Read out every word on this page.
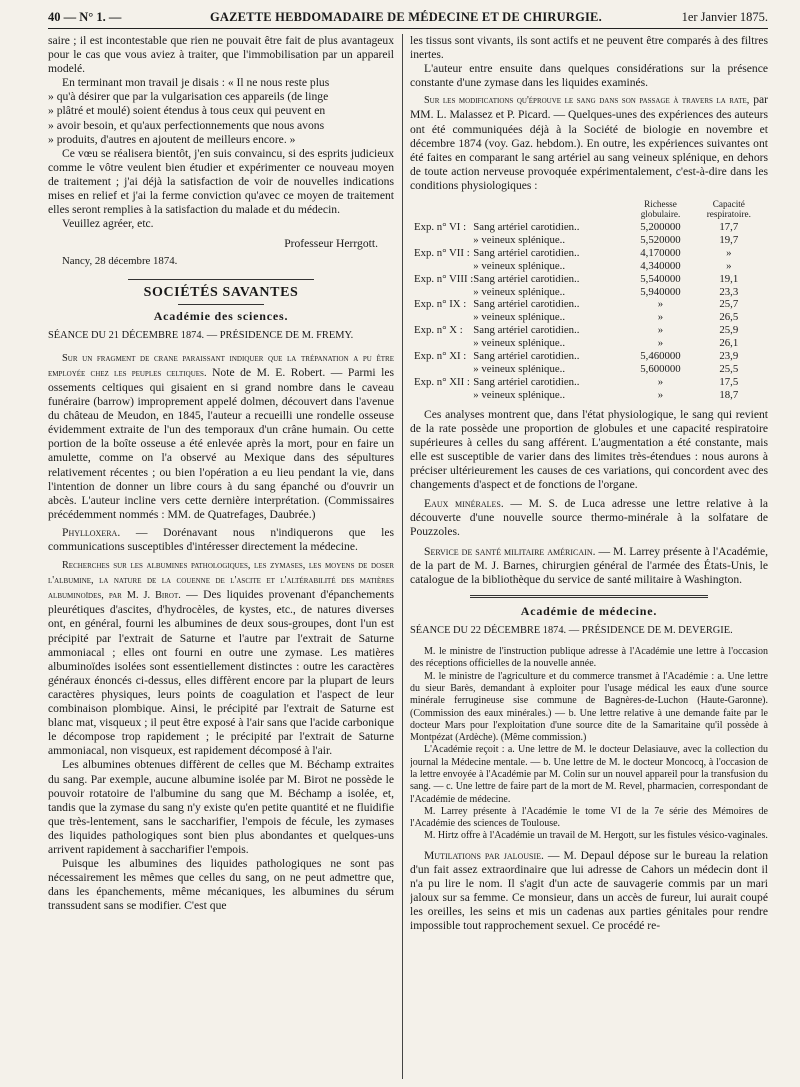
40 — N° 1. —	GAZETTE HEBDOMADAIRE DE MÉDECINE ET DE CHIRURGIE.	1er Janvier 1875.

saire ; il est incontestable que rien ne pouvait être fait de plus avantageux pour le cas que vous aviez à traiter, que l'immobilisation par un appareil modelé.

En terminant mon travail je disais : « Il ne nous reste plus

» qu'à désirer que par la vulgarisation ces appareils (de linge

» plâtré et moulé) soient étendus à tous ceux qui peuvent en

» avoir besoin, et qu'aux perfectionnements que nous avons

» produits, d'autres en ajoutent de meilleurs encore. »

Ce vœu se réalisera bientôt, j'en suis convaincu, si des esprits judicieux comme le vôtre veulent bien étudier et expérimenter ce nouveau moyen de traitement ; j'ai déjà la satisfaction de voir de nouvelles indications mises en relief et j'ai la ferme conviction qu'avec ce moyen de traitement elles seront remplies à la satisfaction du malade et du médecin.

Veuillez agréer, etc.

Professeur Herrgott.
Nancy, 28 décembre 1874.
SOCIÉTÉS SAVANTES
Académie des sciences.

SÉANCE DU 21 DÉCEMBRE 1874. — PRÉSIDENCE DE M. FREMY.

Sur un fragment de crane paraissant indiquer que la trépanation a pu être employée chez les peuples celtiques. Note de M. E. Robert. — Parmi les ossements celtiques qui gisaient en si grand nombre dans le caveau funéraire (barrow) improprement appelé dolmen, découvert dans l'avenue du château de Meudon, en 1845, l'auteur a recueilli une rondelle osseuse évidemment extraite de l'un des temporaux d'un crâne humain. Ou cette portion de la boîte osseuse a été enlevée après la mort, pour en faire un amulette, comme on l'a observé au Mexique dans des sépultures relativement récentes ; ou bien l'opération a eu lieu pendant la vie, dans l'intention de donner un libre cours à du sang épanché ou d'ouvrir un abcès. L'auteur incline vers cette dernière interprétation. (Commissaires précédemment nommés : MM. de Quatrefages, Daubrée.)

Phylloxera. — Dorénavant nous n'indiquerons que les communications susceptibles d'intéresser directement la médecine.

Recherches sur les albumines pathologiques, les zymases, les moyens de doser l'albumine, la nature de la couenne de l'ascite et l'altérabilité des matières albuminoïdes, par M. J. Birot. — Des liquides provenant d'épanchements pleurétiques d'ascites, d'hydrocèles, de kystes, etc., de natures diverses ont, en général, fourni les albumines de deux sous-groupes, dont l'un est précipité par l'extrait de Saturne et l'autre par l'extrait de Saturne ammoniacal ; elles ont fourni en outre une zymase. Les matières albuminoïdes isolées sont essentiellement distinctes : outre les caractères généraux énoncés ci-dessus, elles diffèrent encore par la plupart de leurs caractères physiques, leurs points de coagulation et l'aspect de leur combinaison plombique. Ainsi, le précipité par l'extrait de Saturne est blanc mat, visqueux ; il peut être exposé à l'air sans que l'acide carbonique le décompose trop rapidement ; le précipité par l'extrait de Saturne ammoniacal, non visqueux, est rapidement décomposé à l'air.

Les albumines obtenues diffèrent de celles que M. Béchamp extraites du sang. Par exemple, aucune albumine isolée par M. Birot ne possède le pouvoir rotatoire de l'albumine du sang que M. Béchamp a isolée, et, tandis que la zymase du sang n'y existe qu'en petite quantité et ne fluidifie que très-lentement, sans le saccharifier, l'empois de fécule, les zymases des liquides pathologiques sont bien plus abondantes et quelques-uns arrivent rapidement à saccharifier l'empois.

Puisque les albumines des liquides pathologiques ne sont pas nécessairement les mêmes que celles du sang, on ne peut admettre que, dans les épanchements, même mécaniques, les albumines du sérum transsudent sans se modifier. C'est que

les tissus sont vivants, ils sont actifs et ne peuvent être comparés à des filtres inertes.

L'auteur entre ensuite dans quelques considérations sur la présence constante d'une zymase dans les liquides examinés.

Sur les modifications qu'éprouve le sang dans son passage à travers la rate, par MM. L. Malassez et P. Picard. — Quelques-unes des expériences des auteurs ont été communiquées déjà à la Société de biologie en novembre et décembre 1874 (voy. Gaz. hebdom.). En outre, les expériences suivantes ont été faites en comparant le sang artériel au sang veineux splénique, en dehors de toute action nerveuse provoquée expérimentalement, c'est-à-dire dans les conditions physiologiques :

		Richesse globulaire.	Capacité respiratoire.
Exp. n° VI :	Sang artériel carotidien..	5,200000	17,7
	» veineux splénique..	5,520000	19,7
Exp. n° VII :	Sang artériel carotidien..	4,170000	»
	» veineux splénique..	4,340000	»
Exp. n° VIII :	Sang artériel carotidien..	5,540000	19,1
	» veineux splénique..	5,940000	23,3
Exp. n° IX :	Sang artériel carotidien..	»	25,7
	» veineux splénique..	»	26,5
Exp. n° X :	Sang artériel carotidien..	»	25,9
	» veineux splénique..	»	26,1
Exp. n° XI :	Sang artériel carotidien..	5,460000	23,9
	» veineux splénique..	5,600000	25,5
Exp. n° XII :	Sang artériel carotidien..	»	17,5
	» veineux splénique..	»	18,7

Ces analyses montrent que, dans l'état physiologique, le sang qui revient de la rate possède une proportion de globules et une capacité respiratoire supérieures à celles du sang afférent. L'augmentation a été constante, mais elle est susceptible de varier dans des limites très-étendues : nous aurons à préciser ultérieurement les causes de ces variations, qui concordent avec des changements d'aspect et de fonctions de l'organe.

Eaux minérales. — M. S. de Luca adresse une lettre relative à la découverte d'une nouvelle source thermo-minérale à la solfatare de Pouzzoles.

Service de santé militaire américain. — M. Larrey présente à l'Académie, de la part de M. J. Barnes, chirurgien général de l'armée des États-Unis, le catalogue de la bibliothèque du service de santé militaire à Washington.

Académie de médecine.

SÉANCE DU 22 DÉCEMBRE 1874. — PRÉSIDENCE DE M. DEVERGIE.

M. le ministre de l'instruction publique adresse à l'Académie une lettre à l'occasion des réceptions officielles de la nouvelle année.

M. le ministre de l'agriculture et du commerce transmet à l'Académie : a. Une lettre du sieur Barès, demandant à exploiter pour l'usage médical les eaux d'une source minérale ferrugineuse sise commune de Bagnères-de-Luchon (Haute-Garonne). (Commission des eaux minérales.) — b. Une lettre relative à une demande faite par le docteur Mars pour l'exploitation d'une source dite de la Samaritaine qu'il possède à Montpézat (Ardèche). (Même commission.)

L'Académie reçoit : a. Une lettre de M. le docteur Delasiauve, avec la collection du journal la Médecine mentale. — b. Une lettre de M. le docteur Moncocq, à l'occasion de la lettre envoyée à l'Académie par M. Colin sur un nouvel appareil pour la transfusion du sang. — c. Une lettre de faire part de la mort de M. Revel, pharmacien, correspondant de l'Académie de médecine.

M. Larrey présente à l'Académie le tome VI de la 7e série des Mémoires de l'Académie des sciences de Toulouse.

M. Hirtz offre à l'Académie un travail de M. Hergott, sur les fistules vésico-vaginales.

Mutilations par jalousie. — M. Depaul dépose sur le bureau la relation d'un fait assez extraordinaire que lui adresse de Cahors un médecin dont il n'a pu lire le nom. Il s'agit d'un acte de sauvagerie commis par un mari jaloux sur sa femme. Ce monsieur, dans un accès de fureur, lui aurait coupé les oreilles, les seins et mis un cadenas aux parties génitales pour rendre impossible tout rapprochement sexuel. Ce procédé re-
